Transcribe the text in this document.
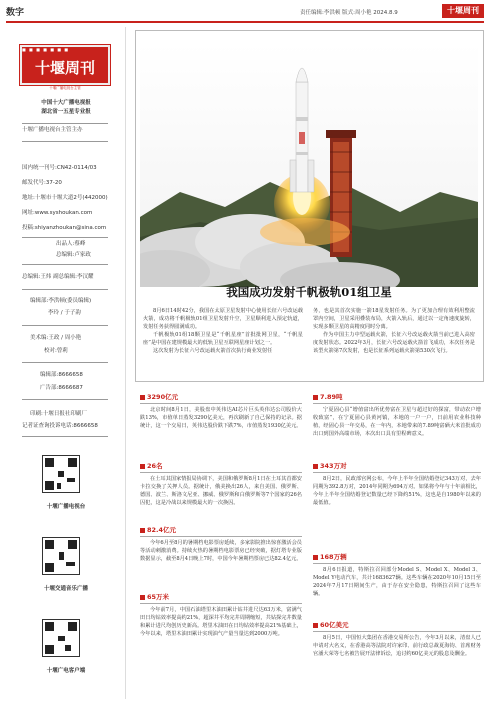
数字	责任编辑:李洪顿 版式:周小艳 2024.8.9	十堰周刊
■ ■ ■ ■ ■ ■ ■
十堰周刊
十堰广播电视台主管
中国十大广播电视报
湖北省一五星专业报
十堰广播电视台主管主办
国内统一刊号:CN42-0114/03
邮发代号:37-20
地址:十堰市十堰大道2号(442000)
网址:www.syshoukan.com
投稿:shiyanzhoukan@sina.com
出品人:蔡峰
总编辑:卢家政
总编辑:王炜 副总编辑:李汉耀
编辑部:李洪顿(委员编辑)
李玲 / 于子韵
美术编:王政 / 周小艳
校对:曾莉
编辑部:8666658
广告部:8666687
印刷:十堰日报社印刷厂
记者证查询投诉电话:8666658
十堰广播电视台
十堰交通音乐广播
十堰广电客户端
我国成功发射千帆极轨01组卫星

8月6日14时42分，我国在太原卫星发射中心使用长征六号改运载火箭，成功将千帆极轨01组卫星发射升空，卫星顺利进入预定轨道，发射任务获得圆满成功。

千帆极轨01组18颗卫星是“千帆星座”首批批网卫星，“千帆星座”是中国在建规模最大的低轨卫星互联网星座计划之一。

这次发射为长征六号改运载火箭首次执行商业发射任

务，也是其首次实施一箭18星发射任务。为了更加合理有效利用整流罩内空间，卫星采用叠装布局，火箭入轨后，通过以一定角速度旋转，实现多颗卫星的高精度同时分离。

作为中国主力中型运载火箭，长征六号改运载火箭当前已进入高密度发射状态。2022年3月，长征六号改运载火箭首飞成功，本次任务是该型火箭第7次发射，也是长征系列运载火箭第530次飞行。

3290亿元

北京时间8月1日，美股盘中英伟达AI芯片巨头英伟达公司股价大跌13%，市值单日蒸发3290亿美元，再次刷新了自己保持的记录。据统计，这一个交易日，英伟达股价跌下跌7%，市值蒸发1930亿美元。

26名

在土耳其国家情报局协调下，美国和俄罗斯8月1日在土耳其首都安卡拉交换了关押人员。据统计，俄美换出26人，来自美国、俄罗斯、德国、波兰、斯洛文尼亚、挪威、俄罗斯和白俄罗斯等7个国家的26名囚犯，这是冷战以来规模最大的一次换囚。

82.4亿元

今年6月至8月的暑期档电影票房延续，多家影院推出惊喜激活会员等活动刺激消费。持续火热的暑期档电影票房已经突破，据灯塔专业版数据显示，截至8月4日晚上7时，中国今年暑期档票房已达82.4亿元。

65万米

今年前7月，中国石油塔里木油田累计钻井进尺达63万米，富满气田日均钻效率提高约21%，超深井平均完井周期缩短，共钻探完井数量和累计进尺均创历史新高。塔里木油田在日均钻效率提高21%基础上，今年以来，塔里木油田累计实现油气产量当量达到2000万吨。

7.89吨

宁夏固心县“增值富出所优势富在卫星与超过好的探富，带动农户增收致富”，在宁夏固心县黄河镇，本地的一户一户，日前用农业科技种植，经固心县一年交易，在一年内，本地带来的7.89吨富硒大米首批成功出口到国外高端市场，本次出口具有里程碑意义。

343万对

8月2日，民政部官网公布，今年上半年全国结婚登记343万对，去年同期为392.8万对，2014年同期为694万对。如果将今年与十年前相比，今年上半年全国结婚登记数量已经下降约51%，这也是自1980年以来的最低值。

168万辆

8月6日报道，特斯拉召回部分Model S、Model X、Model 3、Model Y电动汽车，共计1683627辆。这些车辆在2020年10月15日至2024年7月17日期间生产，由于存在安全隐患，特斯拉召回了这些车辆。

60亿美元

8月5日，中国恒大集团在香港交易所公告，今年3月以来，清盘人已申请对大名义，在香港高等法院对许家印、前行政总裁夏海钧、首席财务官潘大荣等七名被告展开法律诉讼，追讨约60亿美元的股息及酬金。
